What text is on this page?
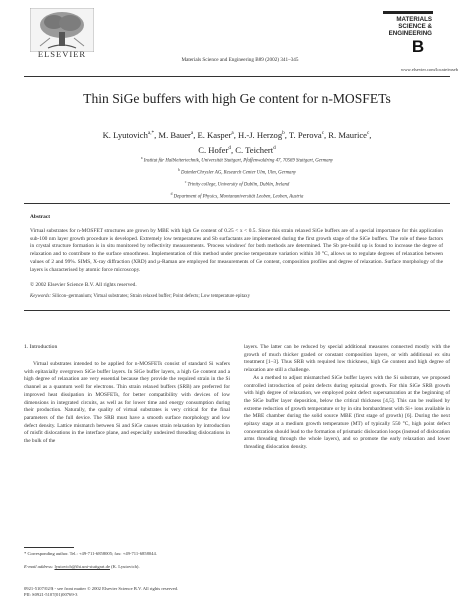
ELSEVIER
Materials Science and Engineering B89 (2002) 341–345
MATERIALS
SCIENCE &
ENGINEERING
B
www.elsevier.com/locate/mseb
Thin SiGe buffers with high Ge content for n-MOSFETs
K. Lyutovich$^{a,*}$, M. Bauer$^a$, E. Kasper$^a$, H.-J. Herzog$^b$, T. Perova$^c$, R. Maurice$^c$,
C. Hofer$^d$, C. Teichert$^d$
$^a$ Institut für Halbleitertechnik, Universität Stuttgart, Pfaffenwaldring 47, 70569 Stuttgart, Germany
$^b$ DaimlerChrysler AG, Research Center Ulm, Ulm, Germany
$^c$ Trinity college, University of Dublin, Dublin, Ireland
$^d$ Department of Physics, Montanuniversität Leoben, Leoben, Austria
Abstract
Virtual substrates for n-MOSFET structures are grown by MBE with high Ge content of 0.25 < x < 0.5. Since this strain relaxed SiGe buffers are of a special importance for this application sub-100 nm layer growth procedure is developed. Extremely low temperatures and Sb surfactants are implemented during the first growth stage of the SiGe buffers. The role of these factors in crystal structure formation is in situ monitored by reflectivity measurements. 'Process windows' for both methods are determined. The Sb pre-build up is found to increase the degree of relaxation and to contribute to the surface smoothness. Implementation of this method under precise temperature variation within 30 °C, allows us to regulate degrees of relaxation between values of 2 and 99%. SIMS, X-ray diffraction (XRD) and μ-Raman are employed for measurements of Ge content, composition profiles and degree of relaxation. Surface morphology of the layers is characterised by atomic force microscopy.
© 2002 Elsevier Science B.V. All rights reserved.
Keywords: Silicon–germanium; Virtual substrates; Strain relaxed buffer; Point defects; Low temperature epitaxy
1. Introduction
Virtual substrates intended to be applied for n-MOSFETs consist of standard Si wafers with epitaxially overgrown SiGe buffer layers. In SiGe buffer layers, a high Ge content and a high degree of relaxation are very essential because they provide the required strain in the Si channel as a quantum well for electrons. Thin strain relaxed buffers (SRB) are preferred for improved heat dissipation in MOSFETs, for better compatibility with devices of low dimensions in integrated circuits, as well as for lower time and energy consumption during their production. Naturally, the quality of virtual substrates is very critical for the final parameters of the full device. The SRB must have a smooth surface morphology and low defect density. Lattice mismatch between Si and SiGe causes strain relaxation by introduction of misfit dislocations in the interface plane, and especially undesired threading dislocations in the bulk of the
layers. The latter can be reduced by special additional measures connected mostly with the growth of much thicker graded or constant composition layers, or with additional ex situ treatment [1–3]. Thus SRB with required low thickness, high Ge content and high degree of relaxation are still a challenge.
As a method to adjust mismatched SiGe buffer layers with the Si substrate, we proposed controlled introduction of point defects during epitaxial growth. For thin SiGe SRB growth with high degree of relaxation, we employed point defect supersaturation at the beginning of the SiGe buffer layer deposition, below the critical thickness [4,5]. This can be realised by extreme reduction of growth temperature or by in situ bombardment with Si+ ions available in the MBE chamber during the solid source MBE (first stage of growth) [6]. During the next epitaxy stage at a medium growth temperature (MT) of typically 550 °C, high point defect concentration should lead to the formation of prismatic dislocation loops (instead of dislocation arms threading through the whole layers), and so promote the early relaxation and lower threading dislocation density.
* Corresponding author. Tel.: +49-711-6858005; fax: +49-711-6858044.
E-mail address: lyutovich@iht.uni-stuttgart.de (K. Lyutovich).
0921-5107/02/$ - see front matter © 2002 Elsevier Science B.V. All rights reserved.
PII: S0921-5107(01)00769-3
